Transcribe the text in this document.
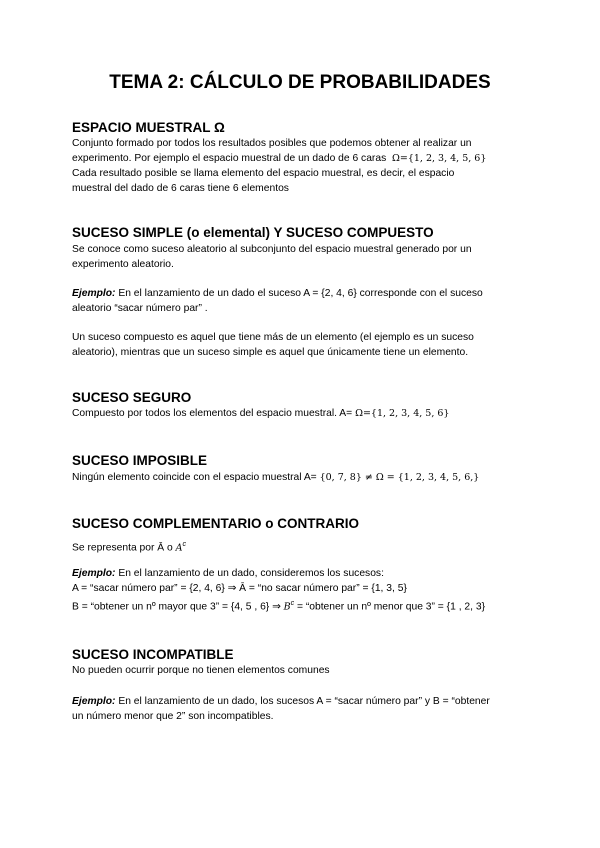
TEMA 2: CÁLCULO DE PROBABILIDADES
ESPACIO MUESTRAL Ω
Conjunto formado por todos los resultados posibles que podemos obtener al realizar un
experimento. Por ejemplo el espacio muestral de un dado de 6 caras Ω={1, 2, 3, 4, 5, 6}
Cada resultado posible se llama elemento del espacio muestral, es decir, el espacio
muestral del dado de 6 caras tiene 6 elementos
SUCESO SIMPLE (o elemental) Y SUCESO COMPUESTO
Se conoce como suceso aleatorio al subconjunto del espacio muestral generado por un
experimento aleatorio.
Ejemplo: En el lanzamiento de un dado el suceso A = {2, 4, 6} corresponde con el suceso
aleatorio “sacar número par” .
Un suceso compuesto es aquel que tiene más de un elemento (el ejemplo es un suceso
aleatorio), mientras que un suceso simple es aquel que únicamente tiene un elemento.
SUCESO SEGURO
Compuesto por todos los elementos del espacio muestral. A= Ω={1, 2, 3, 4, 5, 6}
SUCESO IMPOSIBLE
Ningún elemento coincide con el espacio muestral A= {0, 7, 8} ≠ Ω = {1, 2, 3, 4, 5, 6,}
SUCESO COMPLEMENTARIO o CONTRARIO
Se representa por Ā o $A^c$
Ejemplo: En el lanzamiento de un dado, consideremos los sucesos:
A = “sacar número par” = {2, 4, 6} ⇒ Ā = “no sacar número par” = {1, 3, 5}
B = “obtener un nº mayor que 3” = {4, 5 , 6} ⇒ $B^c$ = “obtener un nº menor que 3” = {1 , 2, 3}
SUCESO INCOMPATIBLE
No pueden ocurrir porque no tienen elementos comunes
Ejemplo: En el lanzamiento de un dado, los sucesos A = “sacar número par” y B = “obtener
un número menor que 2” son incompatibles.
